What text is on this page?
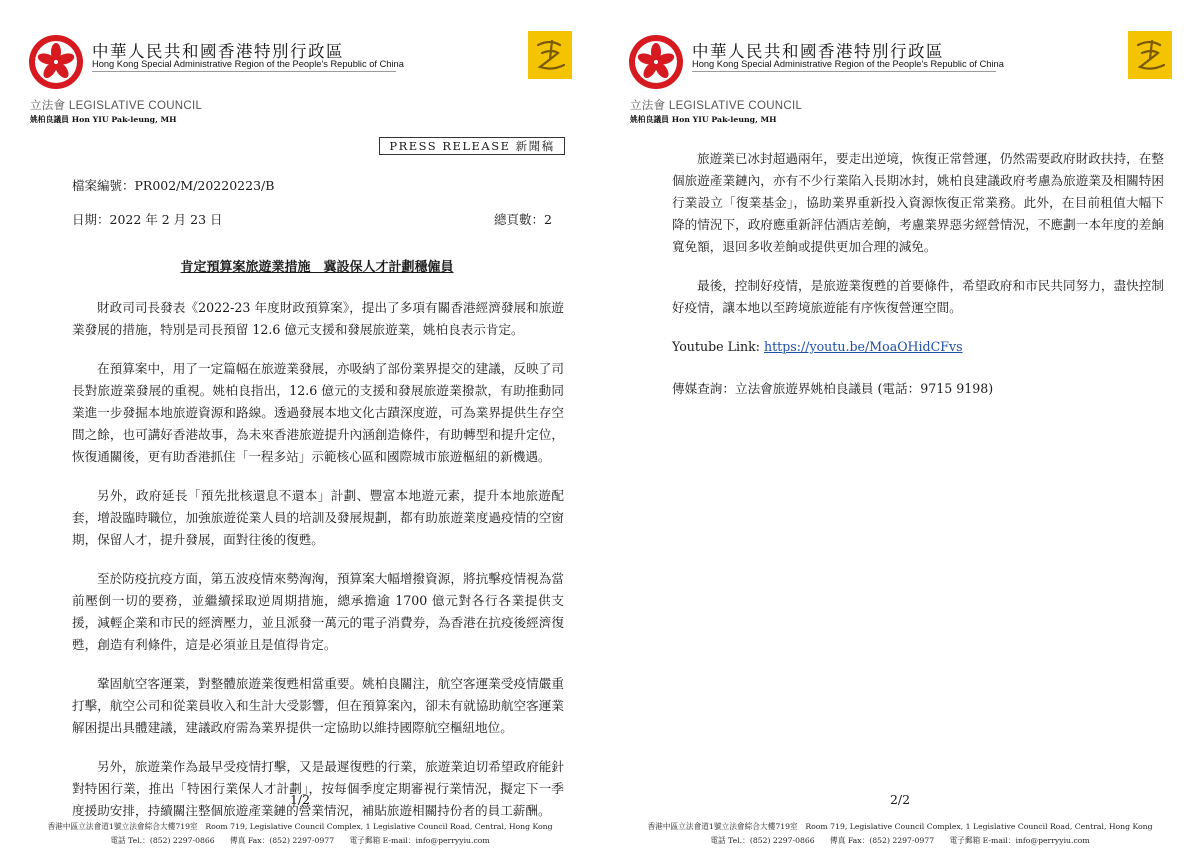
中華人民共和國香港特別行政區
Hong Kong Special Administrative Region of the People's Republic of China
立法會 LEGISLATIVE COUNCIL
姚柏良議員 Hon YIU Pak-leung, MH
PRESS RELEASE 新聞稿
檔案編號：PR002/M/20220223/B
日期：2022 年 2 月 23 日	總頁數：2
肯定預算案旅遊業措施　冀設保人才計劃穩僱員

財政司司長發表《2022-23 年度財政預算案》，提出了多項有關香港經濟發展和旅遊業發展的措施，特別是司長預留 12.6 億元支援和發展旅遊業，姚柏良表示肯定。

在預算案中，用了一定篇幅在旅遊業發展，亦吸納了部份業界提交的建議，反映了司長對旅遊業發展的重視。姚柏良指出，12.6 億元的支援和發展旅遊業撥款，有助推動同業進一步發掘本地旅遊資源和路線。透過發展本地文化古蹟深度遊，可為業界提供生存空間之餘，也可講好香港故事，為未來香港旅遊提升內涵創造條件，有助轉型和提升定位，恢復通關後，更有助香港抓住「一程多站」示範核心區和國際城市旅遊樞紐的新機遇。

另外，政府延長「預先批核還息不還本」計劃、豐富本地遊元素，提升本地旅遊配套，增設臨時職位，加強旅遊從業人員的培訓及發展規劃，都有助旅遊業度過疫情的空窗期，保留人才，提升發展，面對往後的復甦。

至於防疫抗疫方面，第五波疫情來勢洶洶，預算案大幅增撥資源，將抗擊疫情視為當前壓倒一切的要務，並繼續採取逆周期措施，總承擔逾 1700 億元對各行各業提供支援，減輕企業和市民的經濟壓力，並且派發一萬元的電子消費券，為香港在抗疫後經濟復甦，創造有利條件，這是必須並且是值得肯定。

鞏固航空客運業，對整體旅遊業復甦相當重要。姚柏良關注，航空客運業受疫情嚴重打擊，航空公司和從業員收入和生計大受影響，但在預算案內，卻未有就協助航空客運業解困提出具體建議，建議政府需為業界提供一定協助以維持國際航空樞紐地位。

另外，旅遊業作為最早受疫情打擊，又是最遲復甦的行業，旅遊業迫切希望政府能針對特困行業，推出「特困行業保人才計劃」，按每個季度定期審視行業情況，擬定下一季度援助安排，持續關注整個旅遊產業鏈的營業情況，補貼旅遊相關持份者的員工薪酬。

1/2
香港中區立法會道1號立法會綜合大樓719室　Room 719, Legislative Council Complex, 1 Legislative Council Road, Central, Hong Kong
電話 Tel.：(852) 2297-0866　　傳真 Fax：(852) 2297-0977　　電子郵箱 E-mail：info@perryyiu.com
中華人民共和國香港特別行政區
Hong Kong Special Administrative Region of the People's Republic of China
立法會 LEGISLATIVE COUNCIL
姚柏良議員 Hon YIU Pak-leung, MH

旅遊業已冰封超過兩年，要走出逆境，恢復正常營運，仍然需要政府財政扶持，在整個旅遊產業鏈內，亦有不少行業陷入長期冰封，姚柏良建議政府考慮為旅遊業及相關特困行業設立「復業基金」，協助業界重新投入資源恢復正常業務。此外，在目前租值大幅下降的情況下，政府應重新評估酒店差餉，考慮業界惡劣經營情況，不應劃一本年度的差餉寬免額，退回多收差餉或提供更加合理的減免。

最後，控制好疫情，是旅遊業復甦的首要條件，希望政府和市民共同努力，盡快控制好疫情，讓本地以至跨境旅遊能有序恢復營運空間。

Youtube Link: https://youtu.be/MoaOHidCFvs
傳媒查詢：立法會旅遊界姚柏良議員 (電話：9715 9198)
2/2
香港中區立法會道1號立法會綜合大樓719室　Room 719, Legislative Council Complex, 1 Legislative Council Road, Central, Hong Kong
電話 Tel.：(852) 2297-0866　　傳真 Fax：(852) 2297-0977　　電子郵箱 E-mail：info@perryyiu.com
